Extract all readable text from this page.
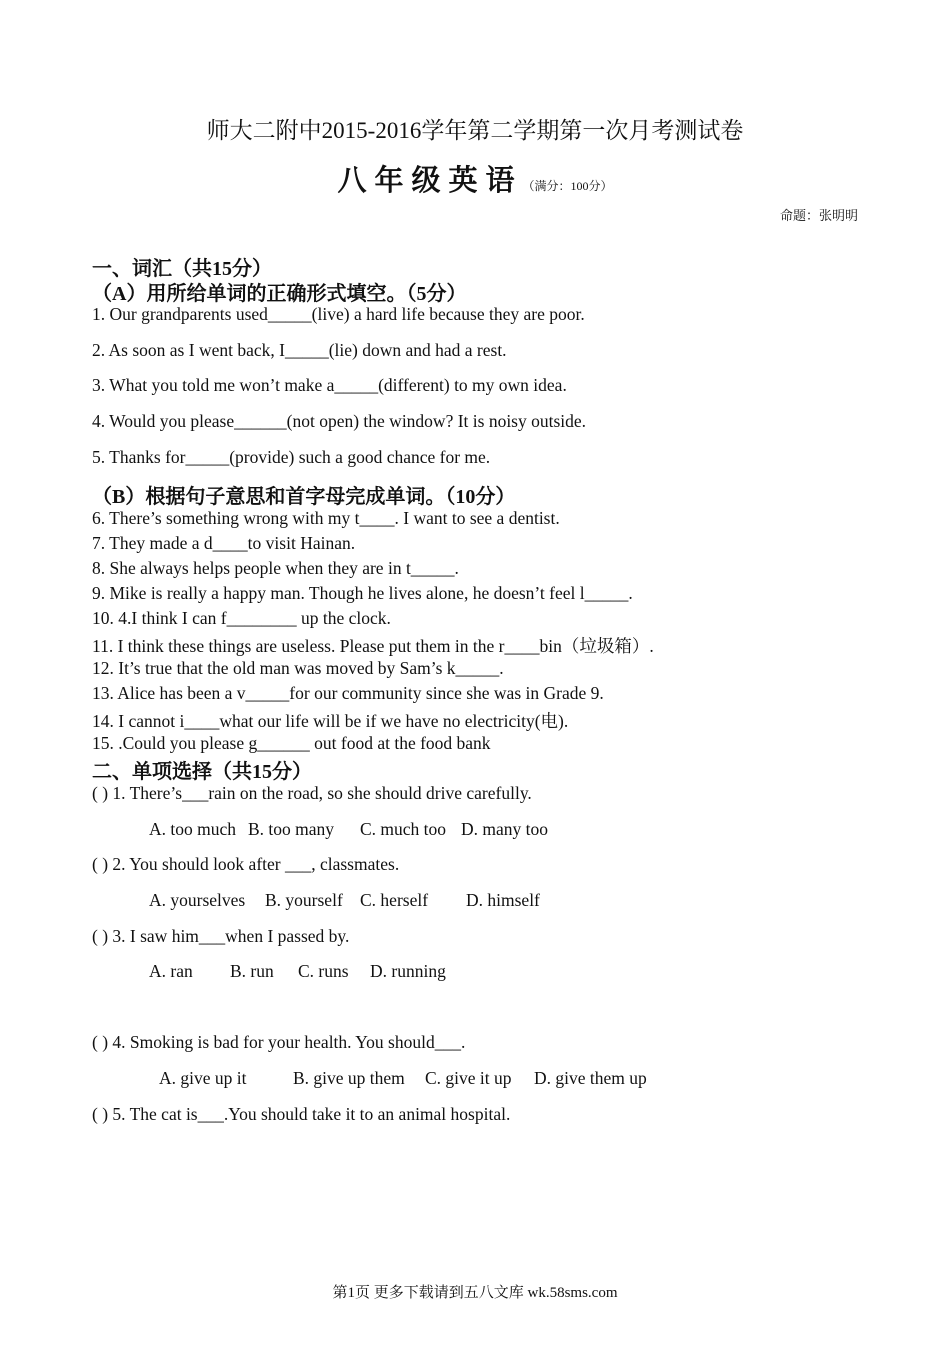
师大二附中2015-2016学年第二学期第一次月考测试卷
八年级英语（满分：100分）
命题：张明明
一、词汇（共15分）
（A）用所给单词的正确形式填空。（5分）
1. Our grandparents used_____(live) a hard life because they are poor.
2. As soon as I went back, I_____(lie) down and had a rest.
3. What you told me won’t make a_____(different) to my own idea.
4. Would you please______(not open) the window? It is noisy outside.
5. Thanks for_____(provide) such a good chance for me.
（B）根据句子意思和首字母完成单词。（10分）
6. There’s something wrong with my t____. I want to see a dentist.
7. They made a d____to visit Hainan.
8. She always helps people when they are in t_____.
9. Mike is really a happy man. Though he lives alone, he doesn’t feel l_____.
10. 4.I think I can f________ up the clock.
11. I think these things are useless. Please put them in the r____bin（垃圾箱）.
12. It’s true that the old man was moved by Sam’s k_____.
13. Alice has been a v_____for our community since she was in Grade 9.
14. I cannot i____what our life will be if we have no electricity(电).
15. .Could you please g______ out food at the food bank
二、单项选择（共15分）
( ) 1. There’s___rain on the road, so she should drive carefully.
A. too much B. too many C. much too D. many too
( ) 2. You should look after ___, classmates.
A. yourselves B. yourself C. herself D. himself
( ) 3. I saw him___when I passed by.
A. ran B. run C. runs D. running
( ) 4. Smoking is bad for your health. You should___.
A. give up it	B. give up them C. give it up D. give them up
( ) 5. The cat is___.You should take it to an animal hospital.
第1页 更多下载请到五八文库 wk.58sms.com
